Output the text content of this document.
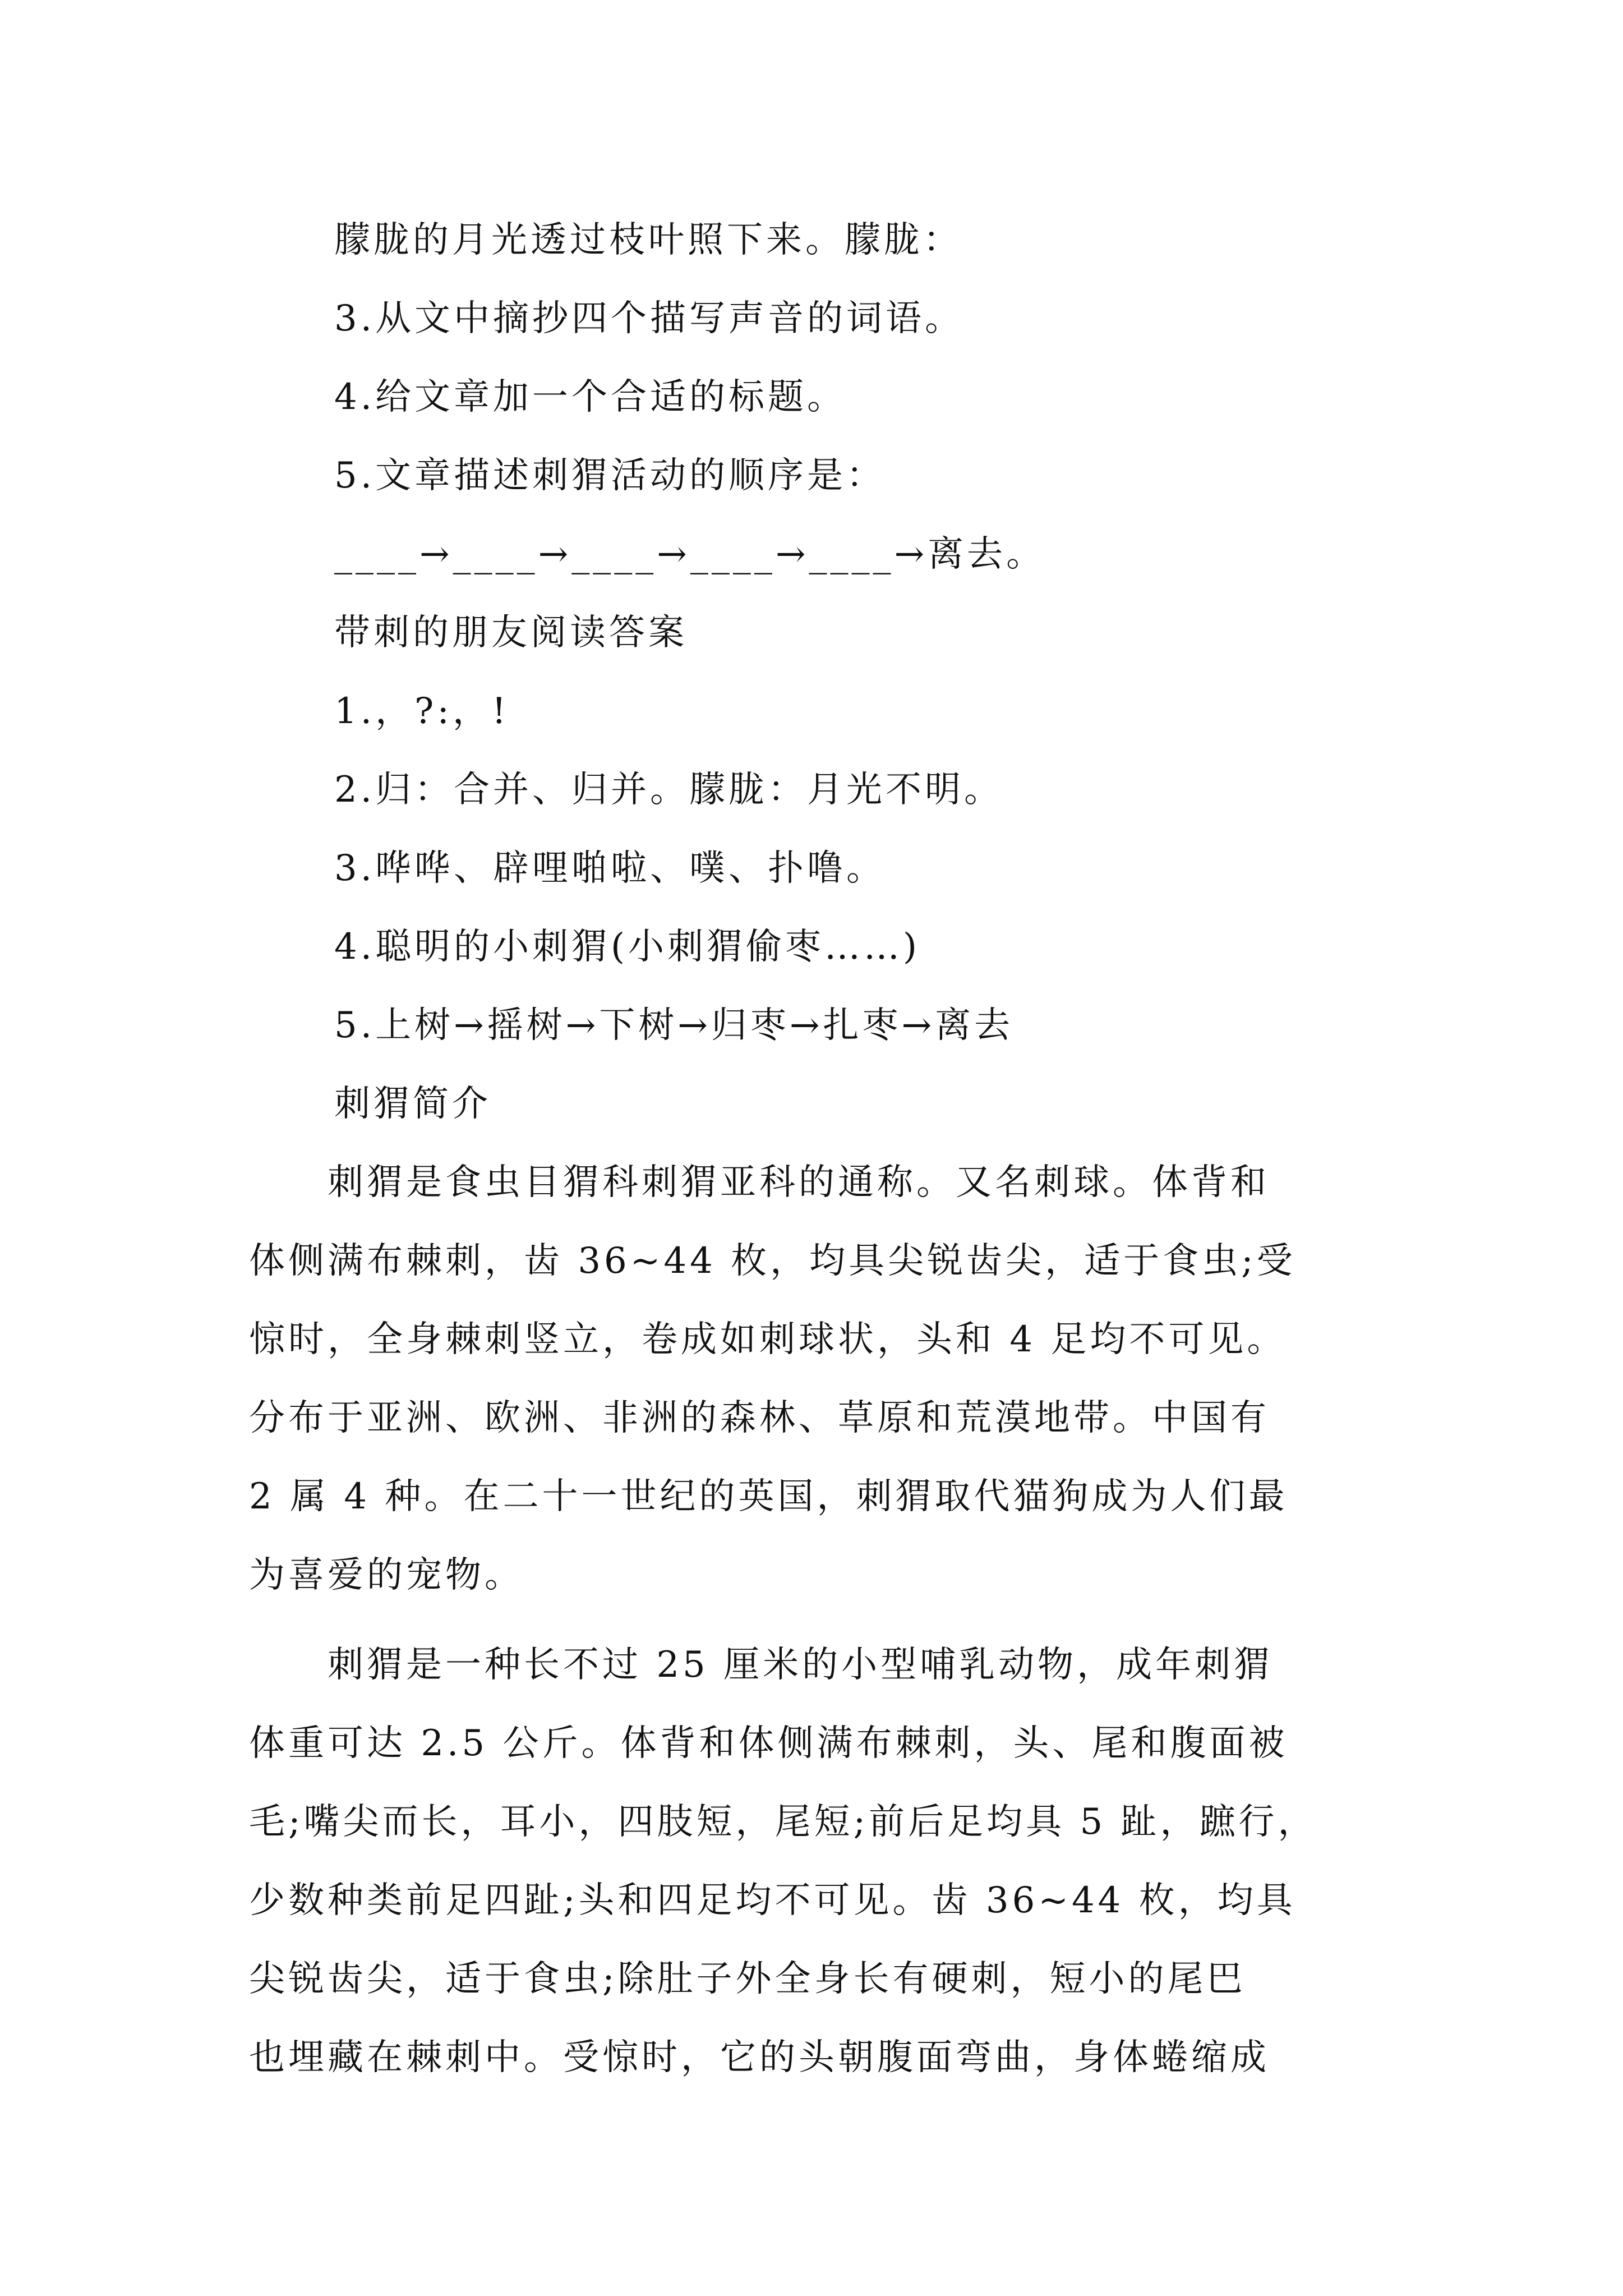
朦胧的月光透过枝叶照下来。朦胧：
3.从文中摘抄四个描写声音的词语。
4.给文章加一个合适的标题。
5.文章描述刺猬活动的顺序是：
____→____→____→____→____→离去。
带刺的朋友阅读答案
1.，?:，!
2.归：合并、归并。朦胧：月光不明。
3.哗哗、辟哩啪啦、噗、扑噜。
4.聪明的小刺猬(小刺猬偷枣……)
5.上树→摇树→下树→归枣→扎枣→离去
刺猬简介
　　刺猬是食虫目猬科刺猬亚科的通称。又名刺球。体背和
体侧满布棘刺，齿 36~44 枚，均具尖锐齿尖，适于食虫;受
惊时，全身棘刺竖立，卷成如刺球状，头和 4 足均不可见。
分布于亚洲、欧洲、非洲的森林、草原和荒漠地带。中国有
2 属 4 种。在二十一世纪的英国，刺猬取代猫狗成为人们最
为喜爱的宠物。
　　刺猬是一种长不过 25 厘米的小型哺乳动物，成年刺猬
体重可达 2.5 公斤。体背和体侧满布棘刺，头、尾和腹面被
毛;嘴尖而长，耳小，四肢短，尾短;前后足均具 5 趾，蹠行，
少数种类前足四趾;头和四足均不可见。齿 36~44 枚，均具
尖锐齿尖，适于食虫;除肚子外全身长有硬刺，短小的尾巴
也埋藏在棘刺中。受惊时，它的头朝腹面弯曲，身体蜷缩成
